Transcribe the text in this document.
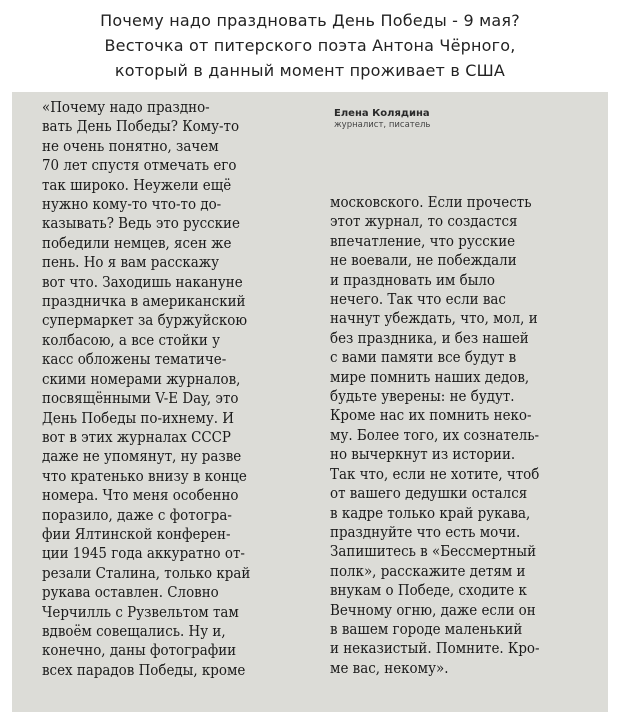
Почему надо праздновать День Победы - 9 мая?
Весточка от питерского поэта Антона Чёрного,
который в данный момент проживает в США
Елена Колядина
журналист, писатель
«Почему надо праздно-
вать День Победы? Кому-то
не очень понятно, зачем
70 лет спустя отмечать его
так широко. Неужели ещё
нужно кому-то что-то до-
казывать? Ведь это русские
победили немцев, ясен же
пень. Но я вам расскажу
вот что. Заходишь накануне
праздничка в американский
супермаркет за буржуйскою
колбасою, а все стойки у
касс обложены тематиче-
скими номерами журналов,
посвящёнными V-E Day, это
День Победы по-ихнему. И
вот в этих журналах СССР
даже не упомянут, ну разве
что кратенько внизу в конце
номера. Что меня особенно
поразило, даже с фотогра-
фии Ялтинской конферен-
ции 1945 года аккуратно от-
резали Сталина, только край
рукава оставлен. Словно
Черчилль с Рузвельтом там
вдвоём совещались. Ну и,
конечно, даны фотографии
всех парадов Победы, кроме
московского. Если прочесть
этот журнал, то создастся
впечатление, что русские
не воевали, не побеждали
и праздновать им было
нечего. Так что если вас
начнут убеждать, что, мол, и
без праздника, и без нашей
с вами памяти все будут в
мире помнить наших дедов,
будьте уверены: не будут.
Кроме нас их помнить неко-
му. Более того, их сознатель-
но вычеркнут из истории.
Так что, если не хотите, чтоб
от вашего дедушки остался
в кадре только край рукава,
празднуйте что есть мочи.
Запишитесь в «Бессмертный
полк», расскажите детям и
внукам о Победе, сходите к
Вечному огню, даже если он
в вашем городе маленький
и неказистый. Помните. Кро-
ме вас, некому».
